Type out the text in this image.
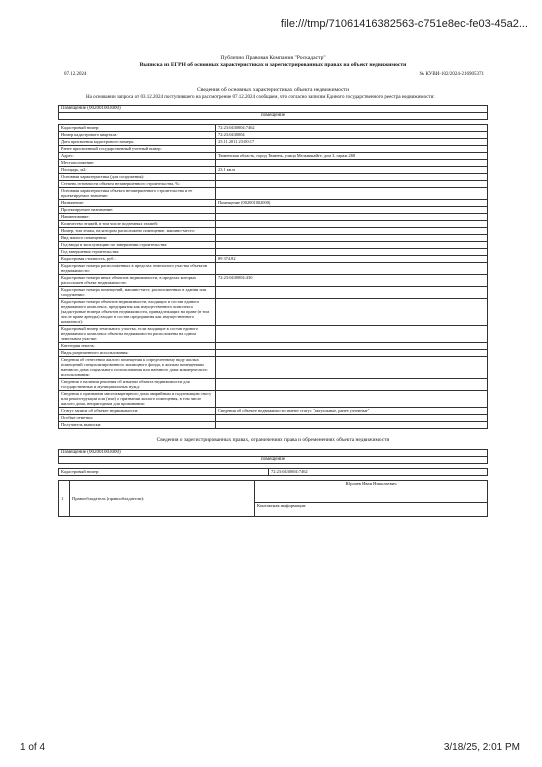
file:///tmp/71061416382563-c751e8ec-fe03-45a2...
Публично Правовая Компания "Роскадастр"
Выписка из ЕГРН об основных характеристиках и зарегистрированных правах на объект недвижимости
07.12.2024	№ КУВИ-102/2024-216905371
Сведения об основных характеристиках объекта недвижимости
На основании запроса от 03.12.2024 поступившего на рассмотрение 07.12.2024 сообщаем, что согласно записям Единого государственного реестра недвижимости:
Помещение (002001003000)
помещение
Кадастровый номер:	72:23:0430004:7462
Номер кадастрового квартала:	72:23:0430004
Дата присвоения кадастрового номера:	25.11.2011 23:00:17
Ранее присвоенный государственный учетный номер:	
Адрес:	Тюменская область, город Тюмень, улица Мельникайте, дом 3, гараж 268
Местоположение:	
Площадь, м2:	23.1 кв.м
Основная характеристика (для сооружения):	
Степень готовности объекта незавершенного строительства, %:	
Основная характеристика объекта незавершенного строительства и ее проектируемое значение:	
Назначение:	Помещение (002001002000)
Проектируемое назначение:	
Наименование:	
Количество этажей, в том числе подземных этажей:	
Номер, тип этажа, на котором расположено помещение, машино-место:	
Вид жилого помещения:	
Год ввода в эксплуатацию по завершении строительства:	
Год завершения строительства:	
Кадастровая стоимость, руб.:	89 374.82
Кадастровые номера расположенных в пределах земельного участка объектов недвижимости:	
Кадастровые номера иных объектов недвижимости, в пределах которых расположен объект недвижимости:	72:23:0430004:430
Кадастровые номера помещений, машино-мест, расположенных в здании или сооружении:	
Кадастровые номера объектов недвижимости, входящих в состав единого недвижимого комплекса, предприятия как имущественного комплекса (кадастровые номера объектов недвижимости, принадлежащих на праве (в том числе праве аренды) входят в состав предприятия как имущественного комплекса):	
Кадастровый номер земельного участка, если входящие в состав единого недвижимого комплекса объекты недвижимости расположены на одном земельном участке:	
Категория земель:	
Виды разрешенного использования:	
Сведения об отнесении жилого помещения к определенному виду жилых помещений специализированного жилищного фонда, к жилым помещениям наемного дома социального использования или наемного дома коммерческого использования:	
Сведения о наличии решения об изъятии объекта недвижимости для государственных и муниципальных нужд:	
Сведения о признании многоквартирного дома аварийным и подлежащим сносу или реконструкции или (или) о признании жилого помещения, в том числе жилого дома, непригодным для проживания:	
Статус записи об объекте недвижимости:	Сведения об объекте недвижимости имеют статус "актуальные, ранее учтенные"
Особые отметки:	
Получатель выписки:	
Сведения о зарегистрированных правах, ограничениях права и обременениях объекта недвижимости
Помещение (002001003000)
помещение
Кадастровый номер:	72:23:0430004:7462
1	Правообладатель (правообладатели):	Юрлаев Иван Николаевич
Контактная информация:
1 of 4	3/18/25, 2:01 PM
